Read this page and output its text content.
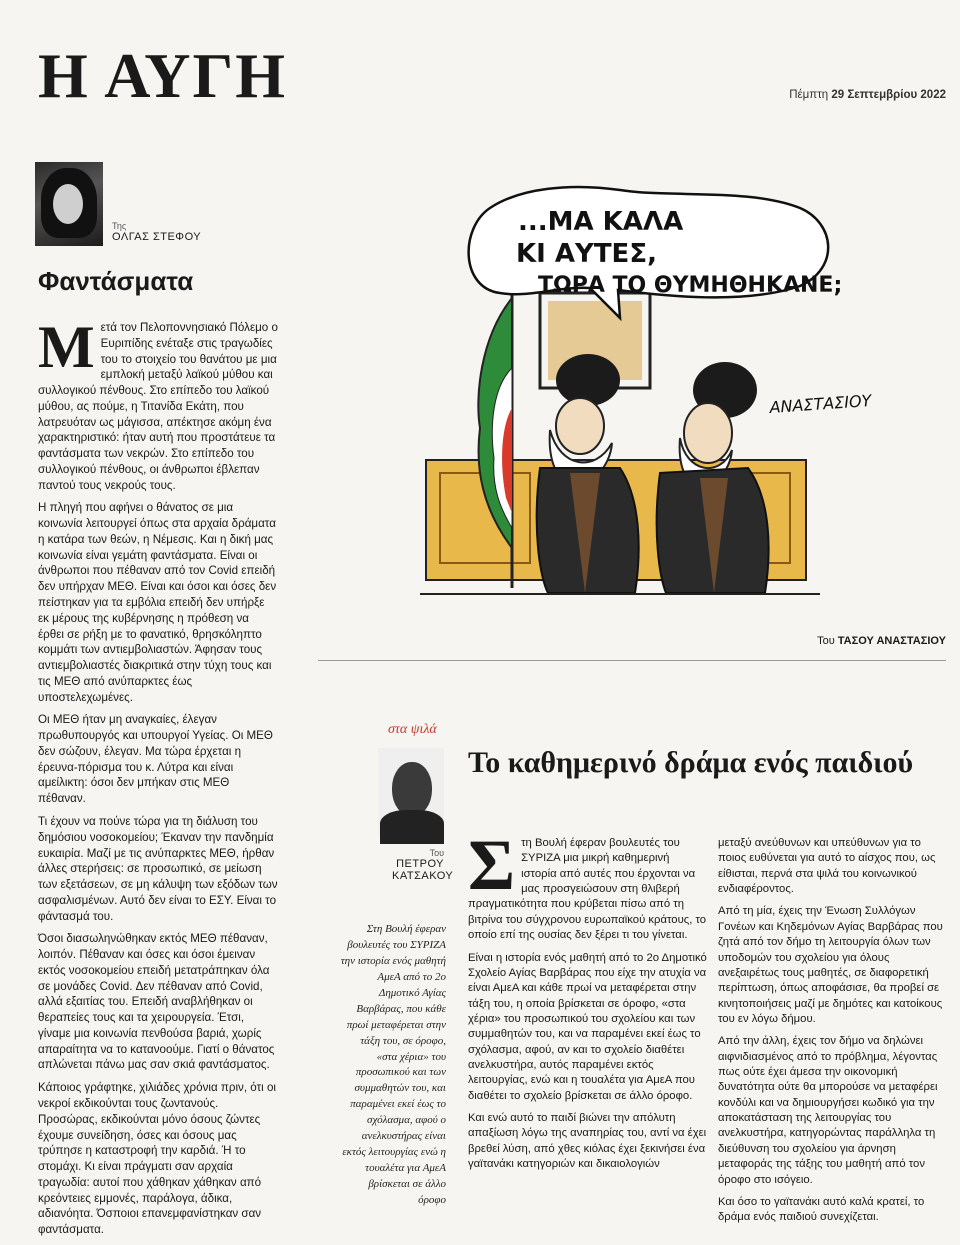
Η ΑΥΓΗ	Πέμπτη 29 Σεπτεμβρίου 2022
Της
ΟΛΓΑΣ ΣΤΕΦΟΥ
Φαντάσματα

Μετά τον Πελοποννησιακό Πόλεμο ο Ευριπίδης ενέταξε στις τραγωδίες του το στοιχείο του θανάτου με μια εμπλοκή μεταξύ λαϊκού μύθου και συλλογικού πένθους. Στο επίπεδο του λαϊκού μύθου, ας πούμε, η Τιτανίδα Εκάτη, που λατρευόταν ως μάγισσα, απέκτησε ακόμη ένα χαρακτηριστικό: ήταν αυτή που προστάτευε τα φαντάσματα των νεκρών. Στο επίπεδο του συλλογικού πένθους, οι άνθρωποι έβλεπαν παντού τους νεκρούς τους.

Η πληγή που αφήνει ο θάνατος σε μια κοινωνία λειτουργεί όπως στα αρχαία δράματα η κατάρα των θεών, η Νέμεσις. Και η δική μας κοινωνία είναι γεμάτη φαντάσματα. Είναι οι άνθρωποι που πέθαναν από τον Covid επειδή δεν υπήρχαν ΜΕΘ. Είναι και όσοι και όσες δεν πείστηκαν για τα εμβόλια επειδή δεν υπήρξε εκ μέρους της κυβέρνησης η πρόθεση να έρθει σε ρήξη με το φανατικό, θρησκόληπτο κομμάτι των αντιεμβολιαστών. Άφησαν τους αντιεμβολιαστές διακριτικά στην τύχη τους και τις ΜΕΘ από ανύπαρκτες έως υποστελεχωμένες.

Οι ΜΕΘ ήταν μη αναγκαίες, έλεγαν πρωθυπουργός και υπουργοί Υγείας. Οι ΜΕΘ δεν σώζουν, έλεγαν. Μα τώρα έρχεται η έρευνα-πόρισμα του κ. Λύτρα και είναι αμείλικτη: όσοι δεν μπήκαν στις ΜΕΘ πέθαναν.

Τι έχουν να πούνε τώρα για τη διάλυση του δημόσιου νοσοκομείου; Έκαναν την πανδημία ευκαιρία. Μαζί με τις ανύπαρκτες ΜΕΘ, ήρθαν άλλες στερήσεις: σε προσωπικό, σε μείωση των εξετάσεων, σε μη κάλυψη των εξόδων των ασφαλισμένων. Αυτό δεν είναι το ΕΣΥ. Είναι το φάντασμά του.

Όσοι διασωληνώθηκαν εκτός ΜΕΘ πέθαναν, λοιπόν. Πέθαναν και όσες και όσοι έμειναν εκτός νοσοκομείου επειδή μετατράπηκαν όλα σε μονάδες Covid. Δεν πέθαναν από Covid, αλλά εξαιτίας του. Επειδή αναβλήθηκαν οι θεραπείες τους και τα χειρουργεία. Έτσι, γίναμε μια κοινωνία πενθούσα βαριά, χωρίς απαραίτητα να το κατανοούμε. Γιατί ο θάνατος απλώνεται πάνω μας σαν σκιά φαντάσματος.

Κάποιος γράφτηκε, χιλιάδες χρόνια πριν, ότι οι νεκροί εκδικούνται τους ζωντανούς. Προσώρας, εκδικούνται μόνο όσους ζώντες έχουμε συνείδηση, όσες και όσους μας τρύπησε η καταστροφή την καρδιά. Ή το στομάχι. Κι είναι πράγματι σαν αρχαία τραγωδία: αυτοί που χάθηκαν χάθηκαν από κρεόντειες εμμονές, παράλογα, άδικα, αδιανόητα. Όσποιοι επανεμφανίστηκαν σαν φαντάσματα.

...ΜΑ ΚΑΛΑ
ΚΙ ΑΥΤΕΣ,
ΤΩΡΑ ΤΟ ΘΥΜΗΘΗΚΑΝΕ;
ΑΝΑΣΤΑΣΙΟΥ
Του ΤΑΣΟΥ ΑΝΑΣΤΑΣΙΟΥ
στα ψιλά
Του
ΠΕΤΡΟΥ
ΚΑΤΣΑΚΟΥ
Το καθημερινό δράμα ενός παιδιού
Στη Βουλή έφεραν βουλευτές του ΣΥΡΙΖΑ την ιστορία ενός μαθητή ΑμεΑ από το 2ο Δημοτικό Αγίας Βαρβάρας, που κάθε πρωί μεταφέρεται στην τάξη του, σε όροφο, «στα χέρια» του προσωπικού και των συμμαθητών του, και παραμένει εκεί έως το σχόλασμα, αφού ο ανελκυστήρας είναι εκτός λειτουργίας ενώ η τουαλέτα για ΑμεΑ βρίσκεται σε άλλο όροφο

Στη Βουλή έφεραν βουλευτές του ΣΥΡΙΖΑ μια μικρή καθημερινή ιστορία από αυτές που έρχονται να μας προσγειώσουν στη θλιβερή πραγματικότητα που κρύβεται πίσω από τη βιτρίνα του σύγχρονου ευρωπαϊκού κράτους, το οποίο επί της ουσίας δεν ξέρει τι του γίνεται.

Είναι η ιστορία ενός μαθητή από το 2ο Δημοτικό Σχολείο Αγίας Βαρβάρας που είχε την ατυχία να είναι ΑμεΑ και κάθε πρωί να μεταφέρεται στην τάξη του, η οποία βρίσκεται σε όροφο, «στα χέρια» του προσωπικού του σχολείου και των συμμαθητών του, και να παραμένει εκεί έως το σχόλασμα, αφού, αν και το σχολείο διαθέτει ανελκυστήρα, αυτός παραμένει εκτός λειτουργίας, ενώ και η τουαλέτα για ΑμεΑ που διαθέτει το σχολείο βρίσκεται σε άλλο όροφο.

Και ενώ αυτό το παιδί βιώνει την απόλυτη απαξίωση λόγω της αναπηρίας του, αντί να έχει βρεθεί λύση, από χθες κιόλας έχει ξεκινήσει ένα γαϊτανάκι κατηγοριών και δικαιολογιών

μεταξύ ανεύθυνων και υπεύθυνων για το ποιος ευθύνεται για αυτό το αίσχος που, ως είθισται, περνά στα ψιλά του κοινωνικού ενδιαφέροντος.

Από τη μία, έχεις την Ένωση Συλλόγων Γονέων και Κηδεμόνων Αγίας Βαρβάρας που ζητά από τον δήμο τη λειτουργία όλων των υποδομών του σχολείου για όλους ανεξαιρέτως τους μαθητές, σε διαφορετική περίπτωση, όπως αποφάσισε, θα προβεί σε κινητοποιήσεις μαζί με δημότες και κατοίκους του εν λόγω δήμου.

Από την άλλη, έχεις τον δήμο να δηλώνει αιφνιδιασμένος από το πρόβλημα, λέγοντας πως ούτε έχει άμεσα την οικονομική δυνατότητα ούτε θα μπορούσε να μεταφέρει κονδύλι και να δημιουργήσει κωδικό για την αποκατάσταση της λειτουργίας του ανελκυστήρα, κατηγορώντας παράλληλα τη διεύθυνση του σχολείου για άρνηση μεταφοράς της τάξης του μαθητή από τον όροφο στο ισόγειο.

Και όσο το γαϊτανάκι αυτό καλά κρατεί, το δράμα ενός παιδιού συνεχίζεται.
